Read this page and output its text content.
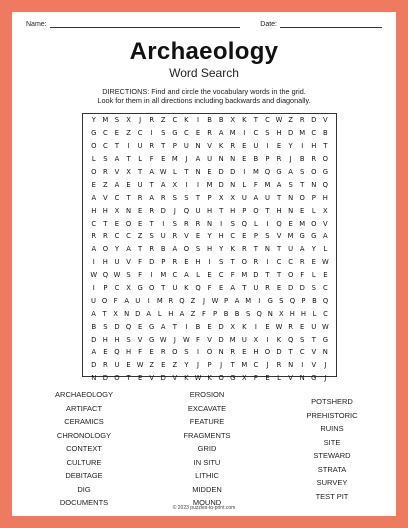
Name:	Date:
Archaeology
Word Search
DIRECTIONS: Find and circle the vocabulary words in the grid.
Look for them in all directions including backwards and diagonally.
Y M S	X	J	R	Z	C	K	I	B	B	X	K	T	C W Z	R D V
G C	E	Z	C	I	S G C	E	R	A M	I	C	S	H D M C	B
O C	T	I	U R	T	P	U N V	K	R	E	U	I	E	Y	I	H	T
L	S	A	T	L	F	E M	J	A U N N	E	B	P	R	J	B	R O
O R	V	X	T	A W L	T	N	E	D D	I	M Q G A	S O G
E	Z	A	E	U	T	A	X	I	I	M D N	L	F M A	S	T	N Q
A	V	C	T	R	A	R	S	S	T	P	X	X U A U	T	N O	P	H
H H X N	E	R D	J	Q U H	T	H	P	O	T	H N	E	L	X
C	T	E O E	T	I	S	R	R N	I	S Q	L	I	Q E M O V
R	R	C	C	Z	S	U R	V	E	Y	H C	E	P	S	V M G G A
A O	Y	A	T	R	B	A O S	H	Y	K	R	T	N	T	U A	Y	L
I	H U V	F	D	P	R	E	H	I	S	T	O R	I	C	C	R	E W
W Q W S	F	I	M C	A	L	E	C	F M D	T	T	O	F	L	E
I	P	C	X G O	T	U	K Q	F	E	A	T	U R	E	D D S	C
U O F A U	I	M R Q Z	J W P A M	I	G S Q P B Q
A T X N D A	L H A Z F	P B B S Q N X H H L C
B	S D Q E G A	T	I	B	E	D X	K	I	E W R	E	U W
D H H	S	V G W	J	W F	V D M U X	I	K Q S	T	G
A	E Q H	F	E	R O S	I	O N R	E	H O D	T	C	V N
D R U	E W Z	E	Z	Y	J	P	J	T M C	J	R N	I	V	J
N D O	T	E	V D V	K W K O G X	F	E	L	V N G	J
ARCHAEOLOGY
ARTIFACT
CERAMICS
CHRONOLOGY
CONTEXT
CULTURE
DEBITAGE
DIG
DOCUMENTS
EROSION
EXCAVATE
FEATURE
FRAGMENTS
GRID
IN SITU
LITHIC
MIDDEN
MOUND
POTSHERD
PREHISTORIC
RUINS
SITE
STEWARD
STRATA
SURVEY
TEST PIT
© 2023 puzzles-to-print.com
